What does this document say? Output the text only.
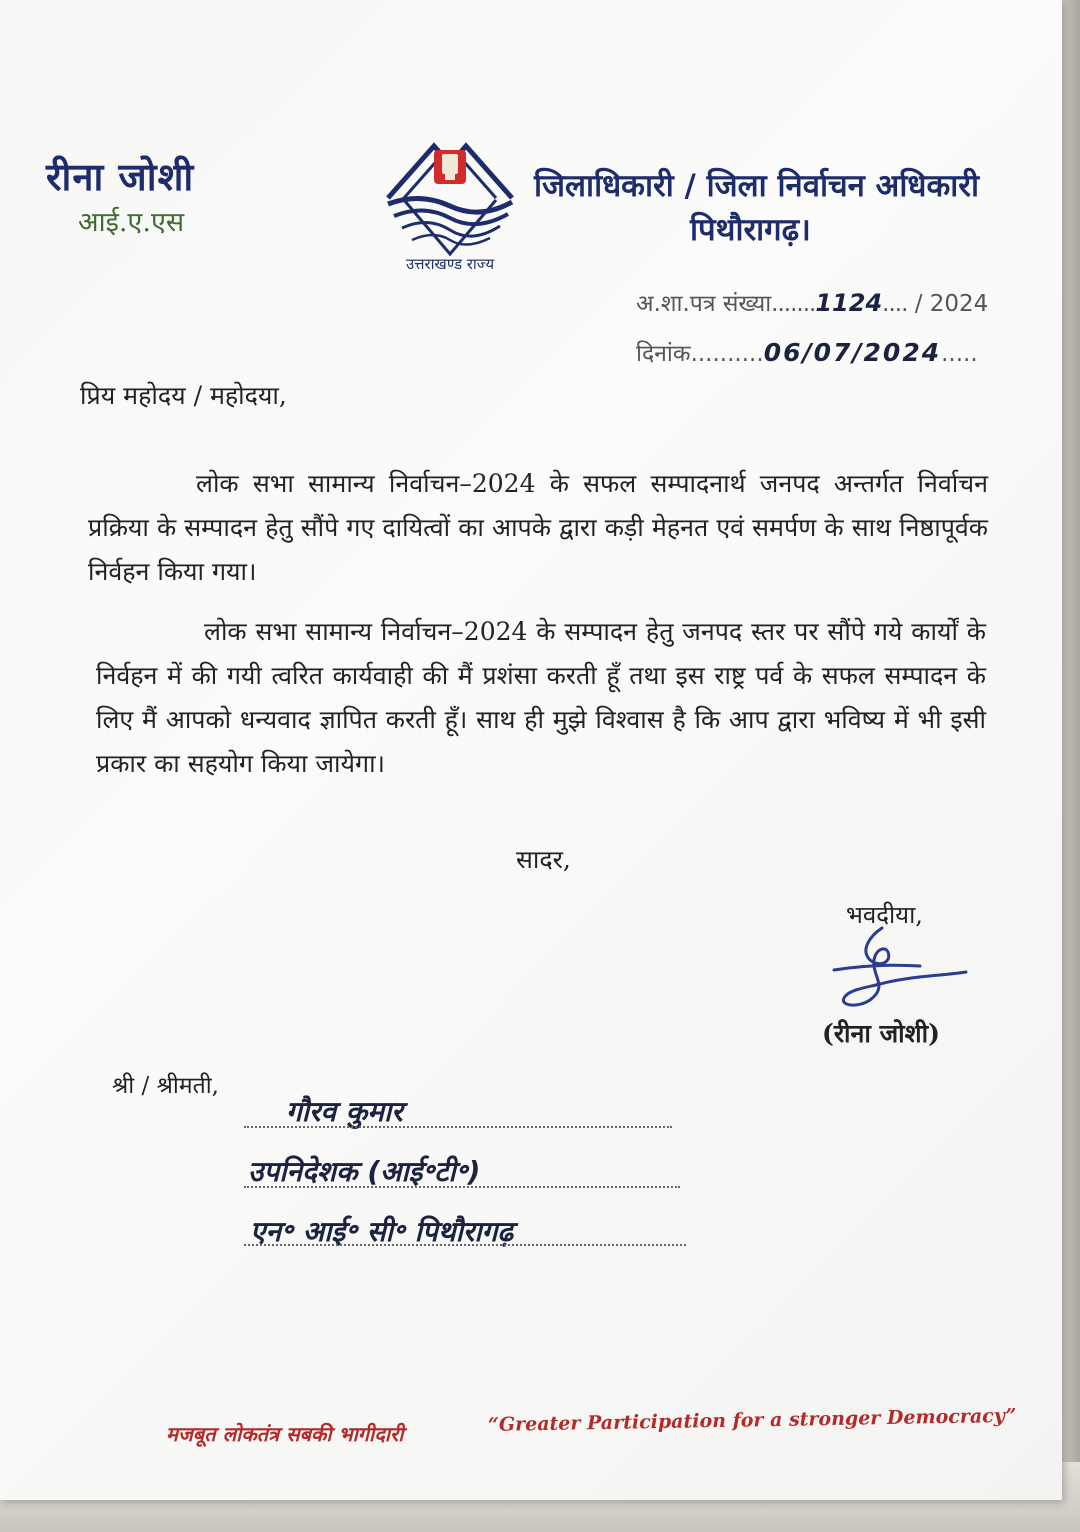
रीना जोशी
आई.ए.एस
उत्तराखण्ड राज्य
जिलाधिकारी / जिला निर्वाचन अधिकारी
पिथौरागढ़।
अ.शा.पत्र संख्या.......1124.... / 2024
दिनांक..........06/07/2024.....
प्रिय महोदय / महोदया,

लोक सभा सामान्य निर्वाचन–2024 के सफल सम्पादनार्थ जनपद अन्तर्गत निर्वाचन प्रक्रिया के सम्पादन हेतु सौंपे गए दायित्वों का आपके द्वारा कड़ी मेहनत एवं समर्पण के साथ निष्ठापूर्वक निर्वहन किया गया।

लोक सभा सामान्य निर्वाचन–2024 के सम्पादन हेतु जनपद स्तर पर सौंपे गये कार्यों के निर्वहन में की गयी त्वरित कार्यवाही की मैं प्रशंसा करती हूँ तथा इस राष्ट्र पर्व के सफल सम्पादन के लिए मैं आपको धन्यवाद ज्ञापित करती हूँ। साथ ही मुझे विश्वास है कि आप द्वारा भविष्य में भी इसी प्रकार का सहयोग किया जायेगा।

सादर,
भवदीया,
(रीना जोशी)
श्री / श्रीमती,
गौरव कुमार
उपनिदेशक (आई॰टी॰)
एन॰ आई॰ सी॰ पिथौरागढ़
मजबूत लोकतंत्र सबकी भागीदारी	“Greater Participation for a stronger Democracy”
